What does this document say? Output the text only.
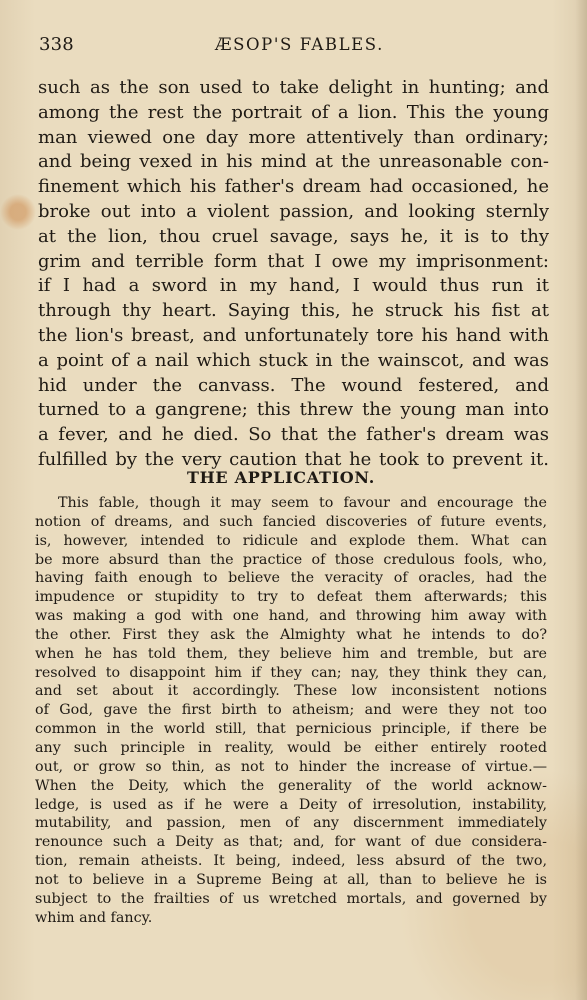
338	ÆSOP'S FABLES.
such as the son used to take delight in hunting; and
among the rest the portrait of a lion. This the young
man viewed one day more attentively than ordinary;
and being vexed in his mind at the unreasonable con-
finement which his father's dream had occasioned, he
broke out into a violent passion, and looking sternly
at the lion, thou cruel savage, says he, it is to thy
grim and terrible form that I owe my imprisonment:
if I had a sword in my hand, I would thus run it
through thy heart. Saying this, he struck his fist at
the lion's breast, and unfortunately tore his hand with
a point of a nail which stuck in the wainscot, and was
hid under the canvass. The wound festered, and
turned to a gangrene; this threw the young man into
a fever, and he died. So that the father's dream was
fulfilled by the very caution that he took to prevent it.
THE APPLICATION.
This fable, though it may seem to favour and encourage the
notion of dreams, and such fancied discoveries of future events,
is, however, intended to ridicule and explode them. What can
be more absurd than the practice of those credulous fools, who,
having faith enough to believe the veracity of oracles, had the
impudence or stupidity to try to defeat them afterwards; this
was making a god with one hand, and throwing him away with
the other. First they ask the Almighty what he intends to do?
when he has told them, they believe him and tremble, but are
resolved to disappoint him if they can; nay, they think they can,
and set about it accordingly. These low inconsistent notions
of God, gave the first birth to atheism; and were they not too
common in the world still, that pernicious principle, if there be
any such principle in reality, would be either entirely rooted
out, or grow so thin, as not to hinder the increase of virtue.—
When the Deity, which the generality of the world acknow-
ledge, is used as if he were a Deity of irresolution, instability,
mutability, and passion, men of any discernment immediately
renounce such a Deity as that; and, for want of due considera-
tion, remain atheists. It being, indeed, less absurd of the two,
not to believe in a Supreme Being at all, than to believe he is
subject to the frailties of us wretched mortals, and governed by
whim and fancy.
